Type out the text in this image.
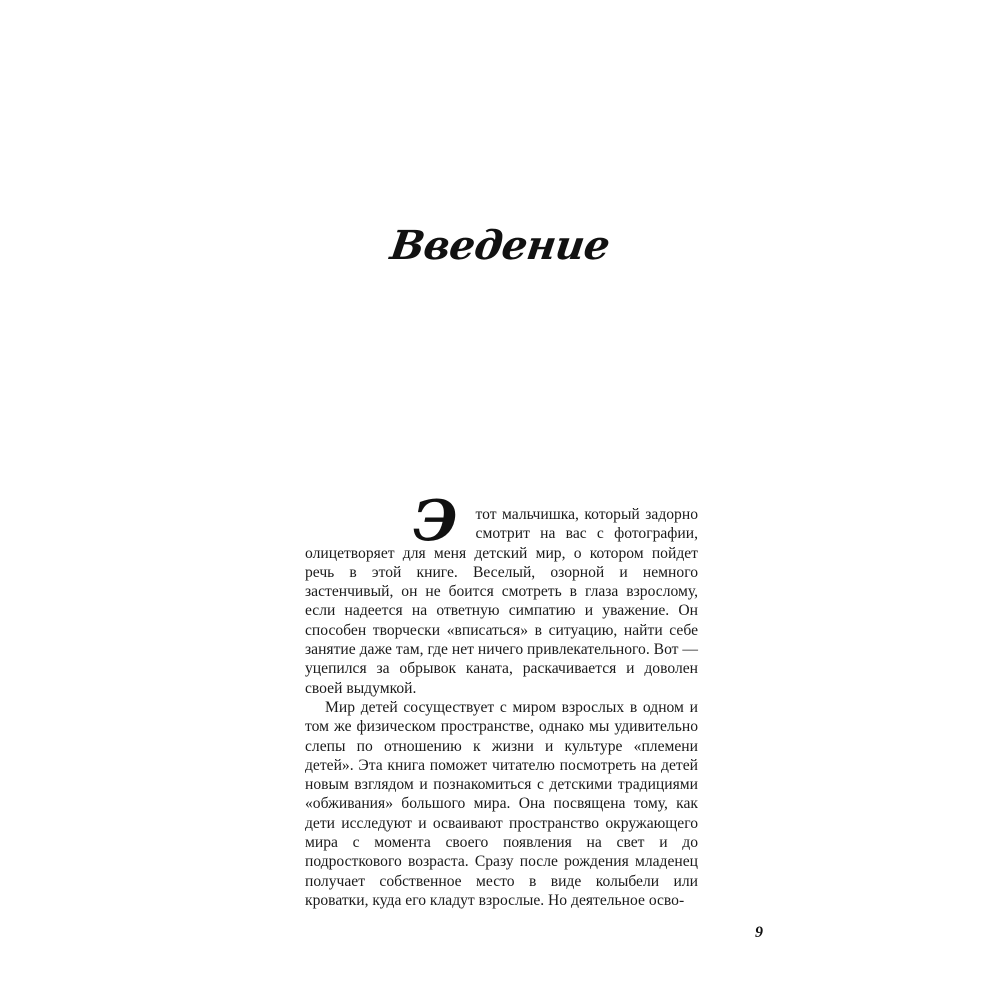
Введение

Э	тот мальчишка, который задорно смотрит на вас с фотографии, олицетворяет для меня детский мир, о котором пойдет речь в этой книге. Веселый, озорной и немного застенчивый, он не боится смотреть в глаза взрослому, если надеется на ответную симпатию и уважение. Он способен творчески «вписаться» в ситуацию, найти себе занятие даже там, где нет ничего привлекательного. Вот — уцепился за обрывок каната, раскачивается и доволен своей выдумкой.

Мир детей сосуществует с миром взрослых в одном и том же физическом пространстве, однако мы удивительно слепы по отношению к жизни и культуре «племени детей». Эта книга поможет читателю посмотреть на детей новым взглядом и познакомиться с детскими традициями «обживания» большого мира. Она посвящена тому, как дети исследуют и осваивают пространство окружающего мира с момента своего появления на свет и до подросткового возраста. Сразу после рождения младенец получает собственное место в виде колыбели или кроватки, куда его кладут взрослые. Но деятельное осво-

9
